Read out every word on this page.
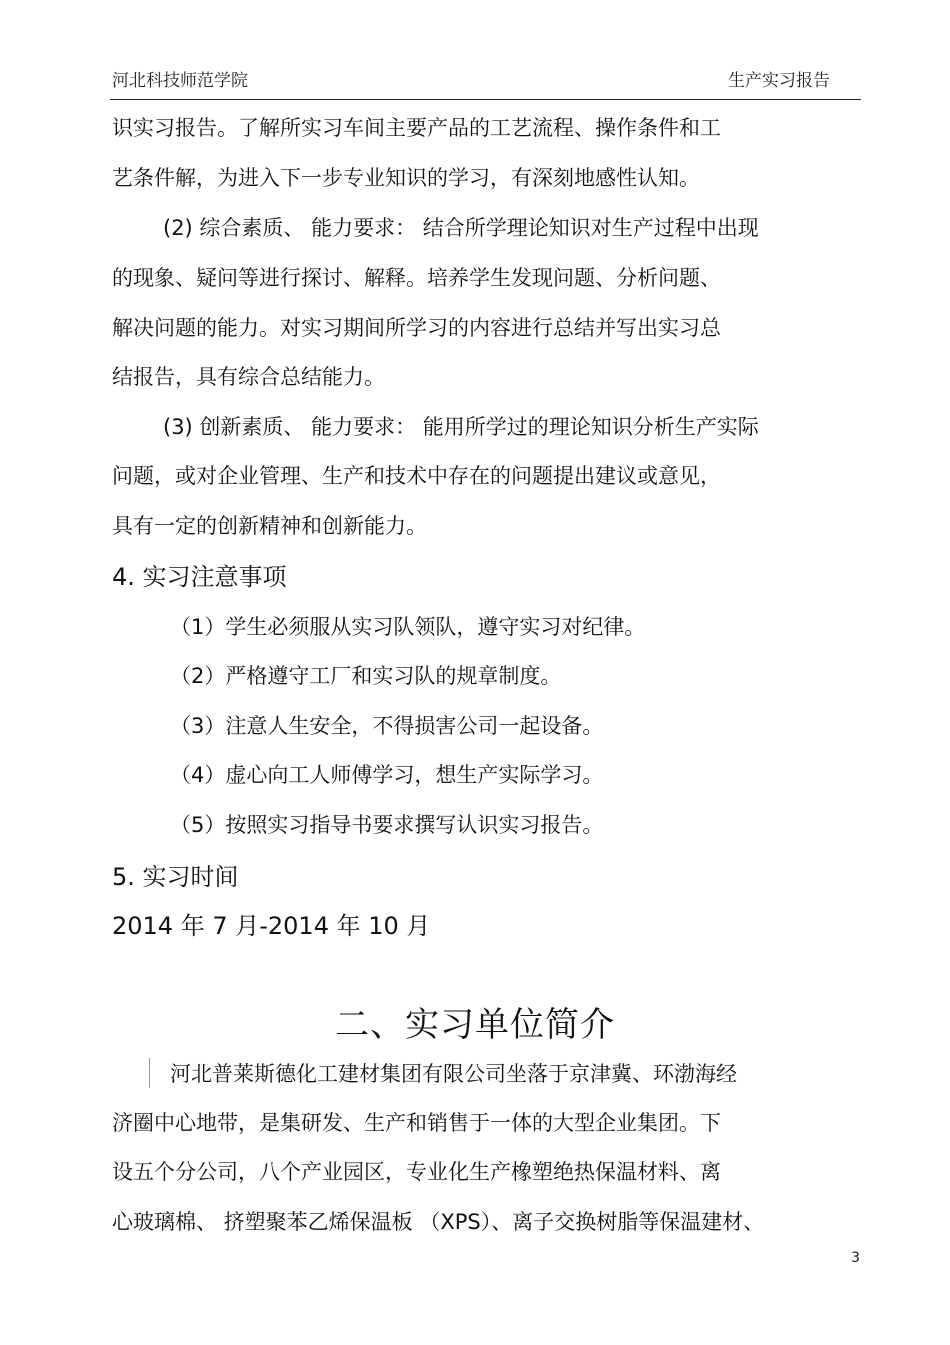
河北科技师范学院	生产实习报告
识实习报告。了解所实习车间主要产品的工艺流程、操作条件和工
艺条件解，为进入下一步专业知识的学习，有深刻地感性认知。
(2) 综合素质、 能力要求： 结合所学理论知识对生产过程中出现
的现象、疑问等进行探讨、解释。培养学生发现问题、分析问题、
解决问题的能力。对实习期间所学习的内容进行总结并写出实习总
结报告，具有综合总结能力。
(3) 创新素质、 能力要求： 能用所学过的理论知识分析生产实际
问题，或对企业管理、生产和技术中存在的问题提出建议或意见，
具有一定的创新精神和创新能力。
4. 实习注意事项
（1）学生必须服从实习队领队，遵守实习对纪律。
（2）严格遵守工厂和实习队的规章制度。
（3）注意人生安全，不得损害公司一起设备。
（4）虚心向工人师傅学习，想生产实际学习。
（5）按照实习指导书要求撰写认识实习报告。
5. 实习时间
2014 年 7 月-2014 年 10 月
二、实习单位简介
河北普莱斯德化工建材集团有限公司坐落于京津冀、环渤海经
济圈中心地带，是集研发、生产和销售于一体的大型企业集团。下
设五个分公司，八个产业园区，专业化生产橡塑绝热保温材料、离
心玻璃棉、 挤塑聚苯乙烯保温板 （XPS）、离子交换树脂等保温建材、
3
